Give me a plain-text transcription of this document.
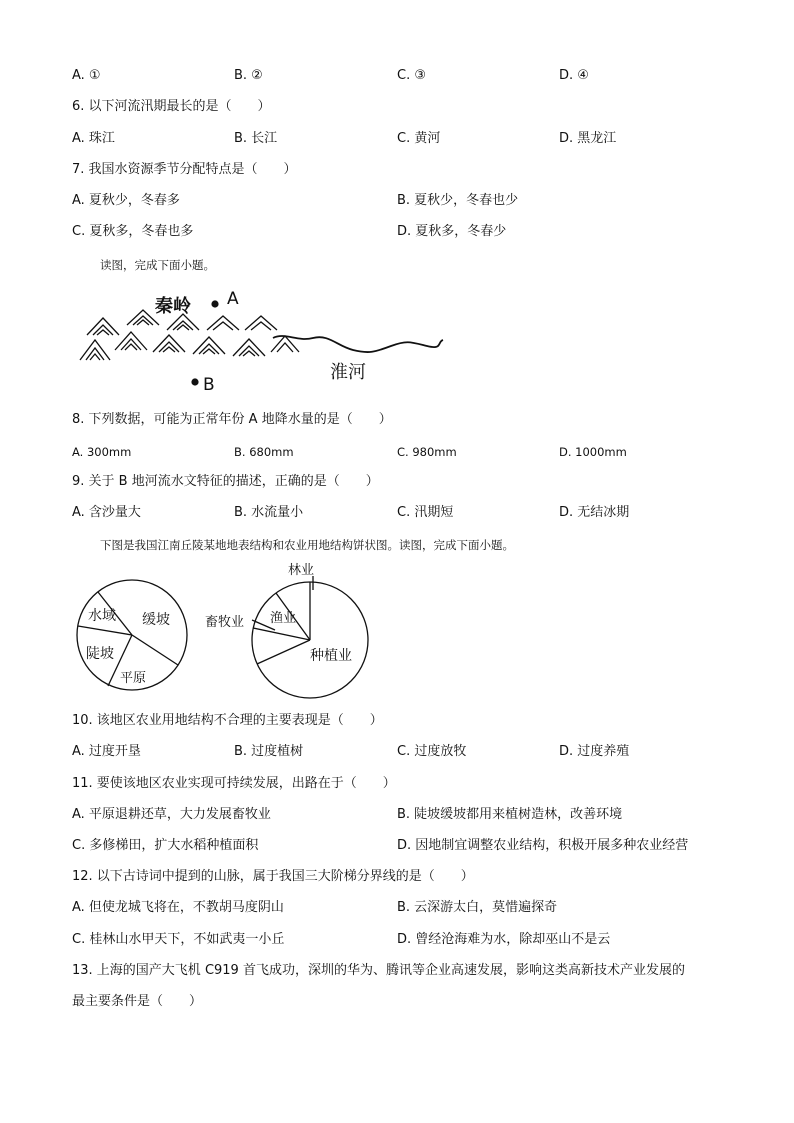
A. ①	B. ②	C. ③	D. ④
6. 以下河流汛期最长的是（　　）
A. 珠江	B. 长江	C. 黄河	D. 黑龙江
7. 我国水资源季节分配特点是（　　）
A. 夏秋少，冬春多	B. 夏秋少，冬春也少
C. 夏秋多，冬春也多	D. 夏秋多，冬春少
读图，完成下面小题。
秦岭 A
B
淮河
8. 下列数据，可能为正常年份 A 地降水量的是（　　）
A. 300mm	B. 680mm	C. 980mm	D. 1000mm
9. 关于 B 地河流水文特征的描述，正确的是（　　）
A. 含沙量大	B. 水流量小	C. 汛期短	D. 无结冰期
下图是我国江南丘陵某地地表结构和农业用地结构饼状图。读图，完成下面小题。
水域 缓坡
陡坡
平原
林业
渔业
畜牧业
种植业
10. 该地区农业用地结构不合理的主要表现是（　　）
A. 过度开垦	B. 过度植树	C. 过度放牧	D. 过度养殖
11. 要使该地区农业实现可持续发展，出路在于（　　）
A. 平原退耕还草，大力发展畜牧业	B. 陡坡缓坡都用来植树造林，改善环境
C. 多修梯田，扩大水稻种植面积	D. 因地制宜调整农业结构，积极开展多种农业经营
12. 以下古诗词中提到的山脉，属于我国三大阶梯分界线的是（　　）
A. 但使龙城飞将在，不教胡马度阴山	B. 云深游太白，莫惜遍探奇
C. 桂林山水甲天下，不如武夷一小丘	D. 曾经沧海难为水，除却巫山不是云
13. 上海的国产大飞机 C919 首飞成功，深圳的华为、腾讯等企业高速发展，影响这类高新技术产业发展的
最主要条件是（　　）
